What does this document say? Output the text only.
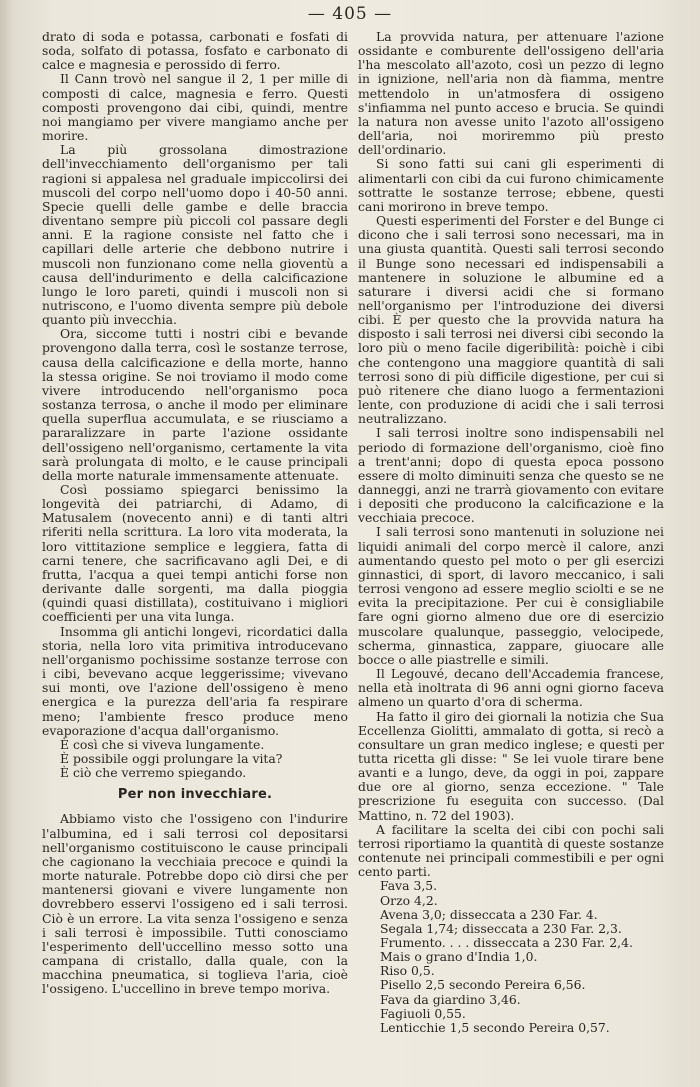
— 405 —

drato di soda e potassa, carbonati e fosfati di soda, solfato di potassa, fosfato e carbonato di calce e magnesia e perossido di ferro.

Il Cann trovò nel sangue il 2, 1 per mille di composti di calce, magnesia e ferro. Questi composti provengono dai cibi, quindi, mentre noi mangiamo per vivere mangiamo anche per morire.

La più grossolana dimostrazione dell'invecchiamento dell'organismo per tali ragioni si appalesa nel graduale impiccolirsi dei muscoli del corpo nell'uomo dopo i 40-50 anni. Specie quelli delle gambe e delle braccia diventano sempre più piccoli col passare degli anni. E la ragione consiste nel fatto che i capillari delle arterie che debbono nutrire i muscoli non funzionano come nella gioventù a causa dell'indurimento e della calcificazione lungo le loro pareti, quindi i muscoli non si nutriscono, e l'uomo diventa sempre più debole quanto più invecchia.

Ora, siccome tutti i nostri cibi e bevande provengono dalla terra, così le sostanze terrose, causa della calcificazione e della morte, hanno la stessa origine. Se noi troviamo il modo come vivere introducendo nell'organismo poca sostanza terrosa, o anche il modo per eliminare quella superflua accumulata, e se riusciamo a pararalizzare in parte l'azione ossidante dell'ossigeno nell'organismo, certamente la vita sarà prolungata di molto, e le cause principali della morte naturale immensamente attenuate.

Così possiamo spiegarci benissimo la longevità dei patriarchi, di Adamo, di Matusalem (novecento anni) e di tanti altri riferiti nella scrittura. La loro vita moderata, la loro vittitazione semplice e leggiera, fatta di carni tenere, che sacrificavano agli Dei, e di frutta, l'acqua a quei tempi antichi forse non derivante dalle sorgenti, ma dalla pioggia (quindi quasi distillata), costituivano i migliori coefficienti per una vita lunga.

Insomma gli antichi longevi, ricordatici dalla storia, nella loro vita primitiva introducevano nell'organismo pochissime sostanze terrose con i cibi, bevevano acque leggerissime; vivevano sui monti, ove l'azione dell'ossigeno è meno energica e la purezza dell'aria fa respirare meno; l'ambiente fresco produce meno evaporazione d'acqua dall'organismo.

È così che si viveva lungamente.

È possibile oggi prolungare la vita?

È ciò che verremo spiegando.

Per non invecchiare.

Abbiamo visto che l'ossigeno con l'indurire l'albumina, ed i sali terrosi col depositarsi nell'organismo costituiscono le cause principali che cagionano la vecchiaia precoce e quindi la morte naturale. Potrebbe dopo ciò dirsi che per mantenersi giovani e vivere lungamente non dovrebbero esservi l'ossigeno ed i sali terrosi. Ciò è un errore. La vita senza l'ossigeno e senza i sali terrosi è impossibile. Tutti conosciamo l'esperimento dell'uccellino messo sotto una campana di cristallo, dalla quale, con la macchina pneumatica, si toglieva l'aria, cioè l'ossigeno. L'uccellino in breve tempo moriva.

La provvida natura, per attenuare l'azione ossidante e comburente dell'ossigeno dell'aria l'ha mescolato all'azoto, così un pezzo di legno in ignizione, nell'aria non dà fiamma, mentre mettendolo in un'atmosfera di ossigeno s'infiamma nel punto acceso e brucia. Se quindi la natura non avesse unito l'azoto all'ossigeno dell'aria, noi moriremmo più presto dell'ordinario.

Si sono fatti sui cani gli esperimenti di alimentarli con cibi da cui furono chimicamente sottratte le sostanze terrose; ebbene, questi cani morirono in breve tempo.

Questi esperimenti del Forster e del Bunge ci dicono che i sali terrosi sono necessari, ma in una giusta quantità. Questi sali terrosi secondo il Bunge sono necessari ed indispensabili a mantenere in soluzione le albumine ed a saturare i diversi acidi che si formano nell'organismo per l'introduzione dei diversi cibi. È per questo che la provvida natura ha disposto i sali terrosi nei diversi cibi secondo la loro più o meno facile digeribilità: poichè i cibi che contengono una maggiore quantità di sali terrosi sono di più difficile digestione, per cui si può ritenere che diano luogo a fermentazioni lente, con produzione di acidi che i sali terrosi neutralizzano.

I sali terrosi inoltre sono indispensabili nel periodo di formazione dell'organismo, cioè fino a trent'anni; dopo di questa epoca possono essere di molto diminuiti senza che questo se ne danneggi, anzi ne trarrà giovamento con evitare i depositi che producono la calcificazione e la vecchiaia precoce.

I sali terrosi sono mantenuti in soluzione nei liquidi animali del corpo mercè il calore, anzi aumentando questo pel moto o per gli esercizi ginnastici, di sport, di lavoro meccanico, i sali terrosi vengono ad essere meglio sciolti e se ne evita la precipitazione. Per cui è consigliabile fare ogni giorno almeno due ore di esercizio muscolare qualunque, passeggio, velocipede, scherma, ginnastica, zappare, giuocare alle bocce o alle piastrelle e simili.

Il Legouvé, decano dell'Accademia francese, nella età inoltrata di 96 anni ogni giorno faceva almeno un quarto d'ora di scherma.

Ha fatto il giro dei giornali la notizia che Sua Eccellenza Giolitti, ammalato di gotta, si recò a consultare un gran medico inglese; e questi per tutta ricetta gli disse: " Se lei vuole tirare bene avanti e a lungo, deve, da oggi in poi, zappare due ore al giorno, senza eccezione. " Tale prescrizione fu eseguita con successo. (Dal Mattino, n. 72 del 1903).

A facilitare la scelta dei cibi con pochi sali terrosi riportiamo la quantità di queste sostanze contenute nei principali commestibili e per ogni cento parti.

Fava 3,5.
Orzo 4,2.
Avena 3,0; disseccata a 230 Far. 4.
Segala 1,74; disseccata a 230 Far. 2,3.
Frumento. . . . disseccata a 230 Far. 2,4.
Mais o grano d'India 1,0.
Riso 0,5.
Pisello 2,5 secondo Pereira 6,56.
Fava da giardino 3,46.
Fagiuoli 0,55.
Lenticchie 1,5 secondo Pereira 0,57.
